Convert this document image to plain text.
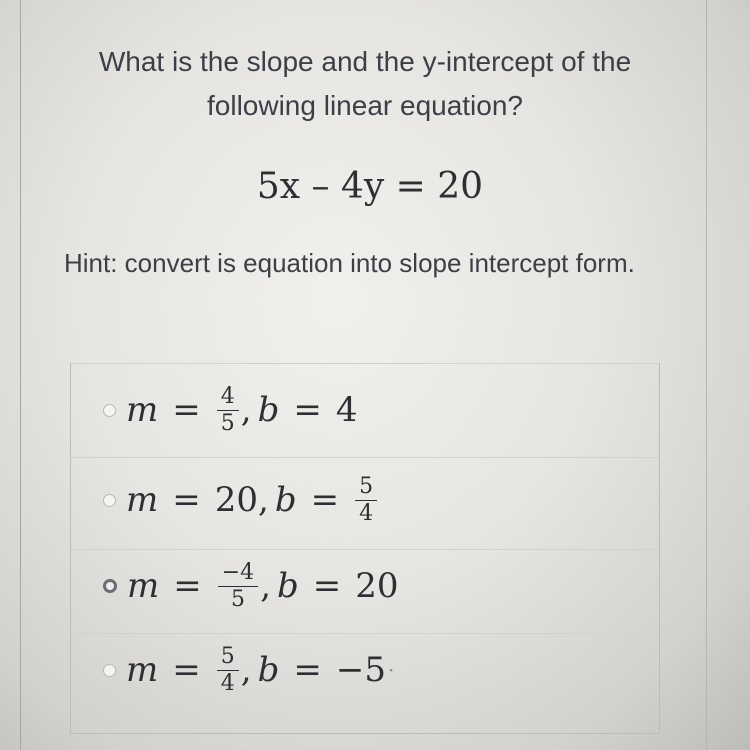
What is the slope and the y-intercept of the
following linear equation?
5x – 4y = 20
Hint: convert is equation into slope intercept form.
$m = \frac{4}{5}$ , b = 4
m = 20 , $b = \frac{5}{4}$
$m = \frac{-4}{5}$ , b = 20
$m = \frac{5}{4}$ , b = −5 ·
